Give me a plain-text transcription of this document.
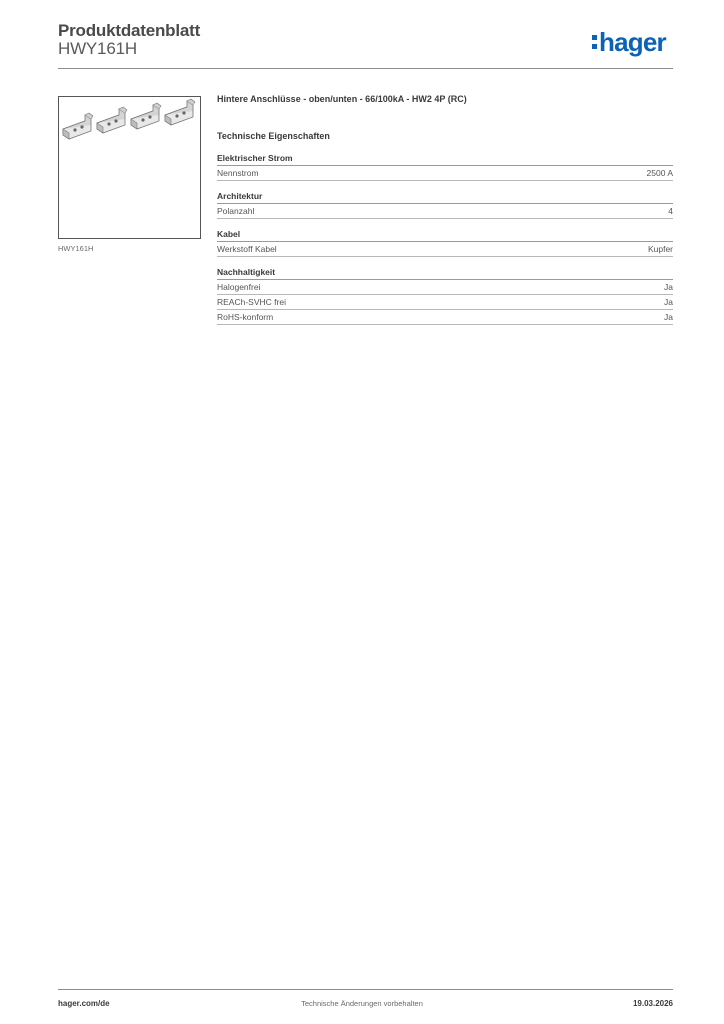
Produktdatenblatt
HWY161H	hager
HWY161H
Hintere Anschlüsse - oben/unten - 66/100kA - HW2 4P (RC)
Technische Eigenschaften
Elektrischer Strom
Nennstrom	2500 A
Architektur
Polanzahl	4
Kabel
Werkstoff Kabel	Kupfer
Nachhaltigkeit
Halogenfrei	Ja
REACh-SVHC frei	Ja
RoHS-konform	Ja
hager.com/de	Technische Änderungen vorbehalten	19.03.2026
